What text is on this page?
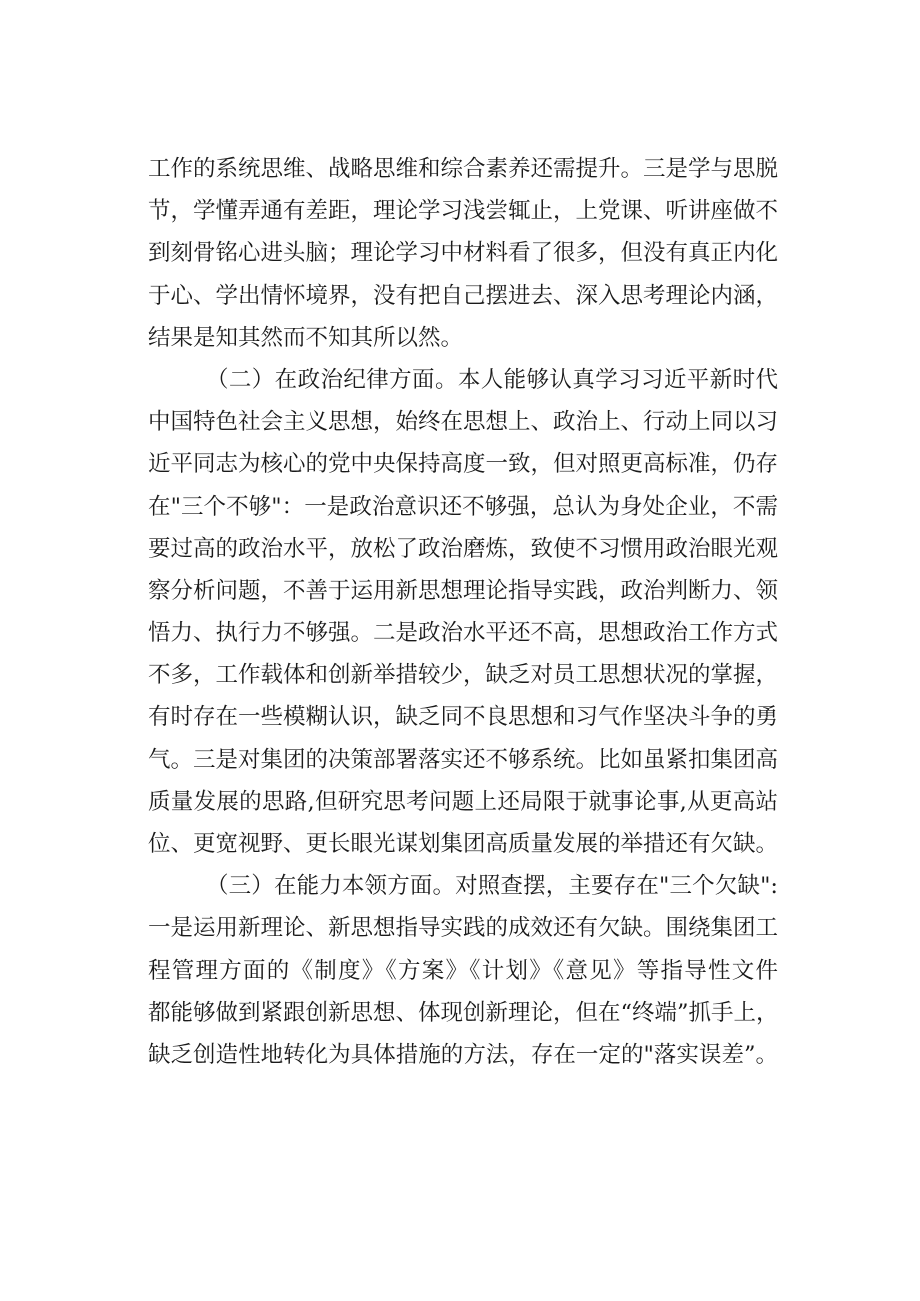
工作的系统思维、战略思维和综合素养还需提升。三是学与思脱
节，学懂弄通有差距，理论学习浅尝辄止，上党课、听讲座做不
到刻骨铭心进头脑；理论学习中材料看了很多，但没有真正内化
于心、学出情怀境界，没有把自己摆进去、深入思考理论内涵，
结果是知其然而不知其所以然。
（二）在政治纪律方面。本人能够认真学习习近平新时代
中国特色社会主义思想，始终在思想上、政治上、行动上同以习
近平同志为核心的党中央保持高度一致，但对照更高标准，仍存
在"三个不够"：一是政治意识还不够强，总认为身处企业，不需
要过高的政治水平，放松了政治磨炼，致使不习惯用政治眼光观
察分析问题，不善于运用新思想理论指导实践，政治判断力、领
悟力、执行力不够强。二是政治水平还不高，思想政治工作方式
不多，工作载体和创新举措较少，缺乏对员工思想状况的掌握，
有时存在一些模糊认识，缺乏同不良思想和习气作坚决斗争的勇
气。三是对集团的决策部署落实还不够系统。比如虽紧扣集团高
质量发展的思路,但研究思考问题上还局限于就事论事,从更高站
位、更宽视野、更长眼光谋划集团高质量发展的举措还有欠缺。
（三）在能力本领方面。对照查摆，主要存在"三个欠缺":
一是运用新理论、新思想指导实践的成效还有欠缺。围绕集团工
程管理方面的《制度》《方案》《计划》《意见》等指导性文件
都能够做到紧跟创新思想、体现创新理论，但在“终端”抓手上，
缺乏创造性地转化为具体措施的方法，存在一定的"落实误差”。
